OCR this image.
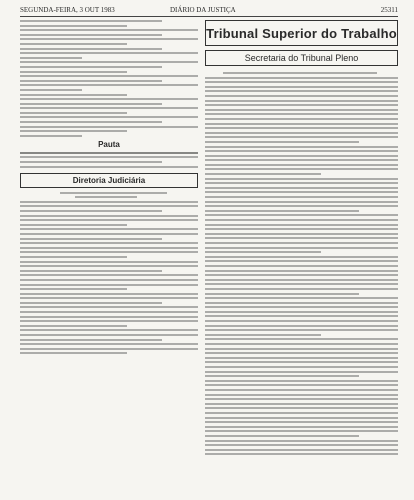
SEGUNDA-FEIRA, 3 OUT 1983	DIÁRIO DA JUSTIÇA	25311
Pauta
Diretoria Judiciária
Tribunal Superior do Trabalho
Secretaria do Tribunal Pleno
